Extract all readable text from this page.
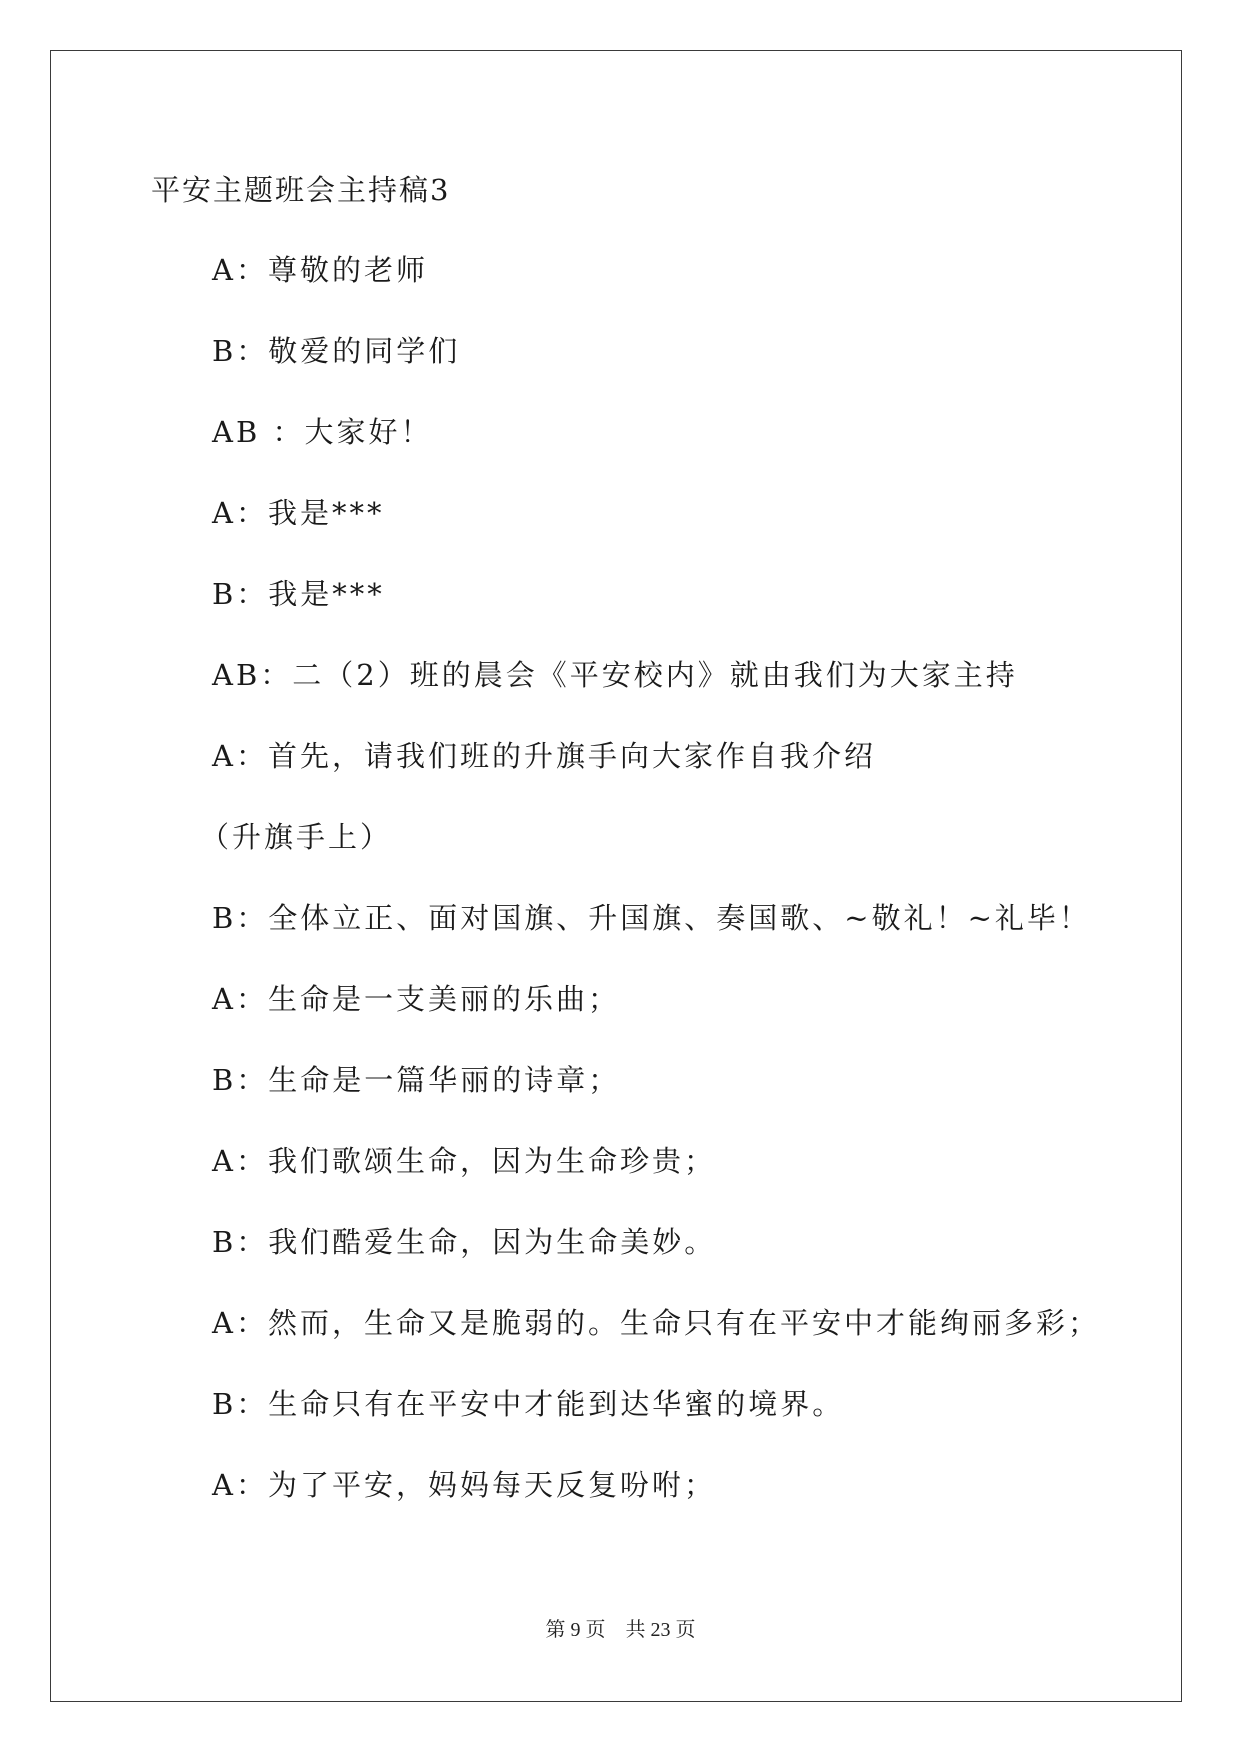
平安主题班会主持稿3
A：尊敬的老师
B：敬爱的同学们
AB ：大家好！
A：我是***
B：我是***
AB：二（2）班的晨会《平安校内》就由我们为大家主持
A：首先，请我们班的升旗手向大家作自我介绍
（升旗手上）
B：全体立正、面对国旗、升国旗、奏国歌、~敬礼！~礼毕！
A：生命是一支美丽的乐曲；
B：生命是一篇华丽的诗章；
A：我们歌颂生命，因为生命珍贵；
B：我们酷爱生命，因为生命美妙。
A：然而，生命又是脆弱的。生命只有在平安中才能绚丽多彩；
B：生命只有在平安中才能到达华蜜的境界。
A：为了平安，妈妈每天反复吩咐；
第 9 页    共 23 页
